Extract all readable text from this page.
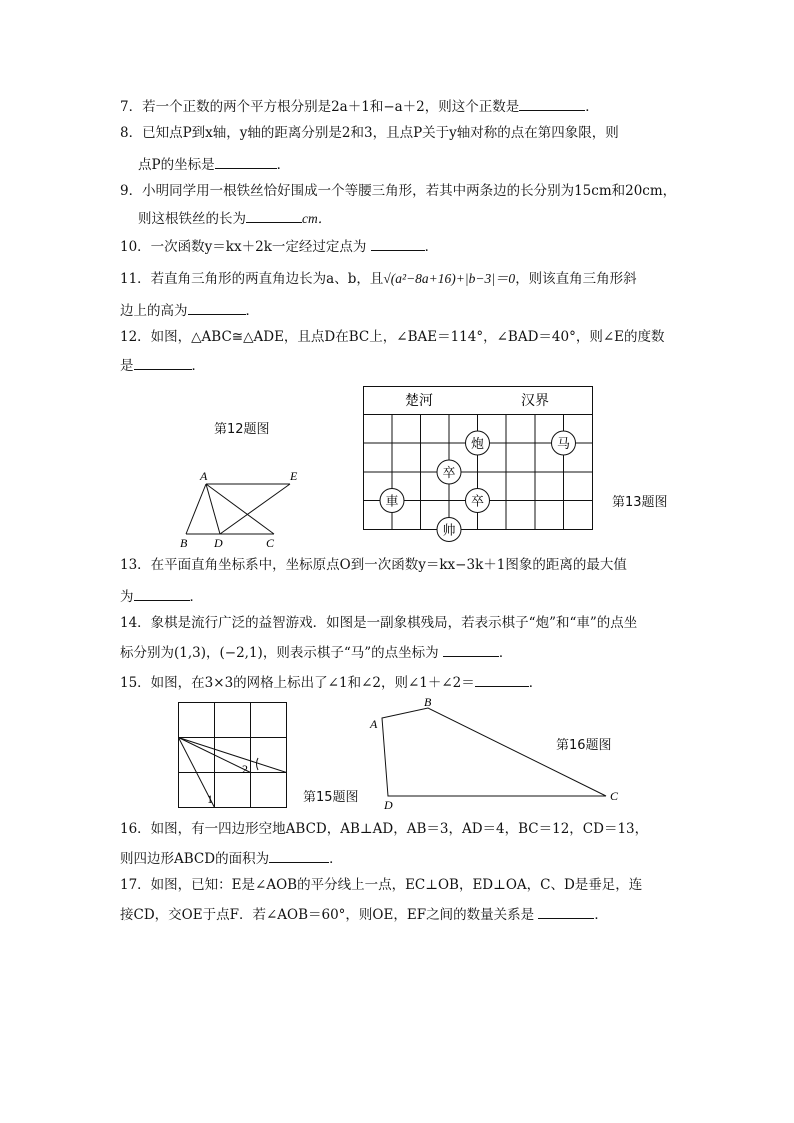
7．若一个正数的两个平方根分别是2a＋1和−a＋2，则这个正数是	．
8．已知点P到x轴，y轴的距离分别是2和3，且点P关于y轴对称的点在第四象限，则
点P的坐标是	．
9．小明同学用一根铁丝恰好围成一个等腰三角形，若其中两条边的长分别为15cm和20cm，
则这根铁丝的长为	cm．
10．一次函数y＝kx＋2k一定经过定点为	．
11．若直角三角形的两直角边长为a、b，且√(a²−8a+16)+|b−3|＝0，则该直角三角形斜
边上的高为	．
12．如图，△ABC≅△ADE，且点D在BC上，∠BAE＝114°，∠BAD＝40°，则∠E的度数
是	．
第12题图
A	E
B D	C
楚河	汉界
炮	马
卒
卒
車
帅
第13题图
13．在平面直角坐标系中，坐标原点O到一次函数y＝kx−3k＋1图象的距离的最大值
为	．
14．象棋是流行广泛的益智游戏．如图是一副象棋残局，若表示棋子“炮”和“車”的点坐
标分别为(1,3)，(−2,1)，则表示棋子“马”的点坐标为	．
15．如图，在3×3的网格上标出了∠1和∠2，则∠1＋∠2＝	．
1
2
第15题图
A
B
C
D
第16题图
16．如图，有一四边形空地ABCD，AB⊥AD，AB＝3，AD＝4，BC＝12，CD＝13，
则四边形ABCD的面积为	．
17．如图，已知：E是∠AOB的平分线上一点，EC⊥OB，ED⊥OA，C、D是垂足，连
接CD，交OE于点F．若∠AOB＝60°，则OE，EF之间的数量关系是	．
